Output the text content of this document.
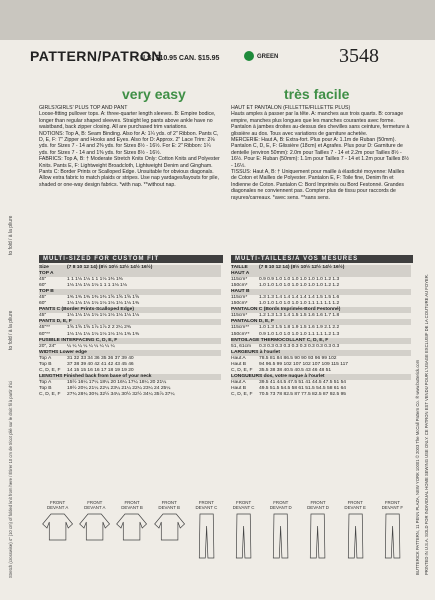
PATTERN/PATRON
U.S. $10.95 CAN. $15.95	GREEN	3548
very easy	très facile
GIRLS'/GIRLS' PLUS TOP AND PANT
Loose-fitting pullover tops. A: three-quarter length sleeves. B: Empire bodice, longer than regular shaped sleeves. Straight leg pants above ankle have no waistband, back zipper closing. All are purchased trim variations.
NOTIONS: Top A, B: Seam Binding. Also for A: 1¼ yds. of 2" Ribbon. Pants C, D, E, F: 7" Zipper and Hooks and Eyes. Also for D: Approx. 2" Lace Trim: 2⅛ yds. for Sizes 7 - 14 and 2⅜ yds. for Sizes 8½ - 16½. For E: 2" Ribbon: 1¼ yds. for Sizes 7 - 14 and 1⅜ yds. for Sizes 8½ - 16½.
FABRICS: Top A, B: † Moderate Stretch Knits Only: Cotton Knits and Polyester Knits. Pants E, F: Lightweight Broadcloth, Lightweight Denim and Gingham. Pants C: Border Prints or Scalloped Edge. Unsuitable for obvious diagonals. Allow extra fabric to match plaids or stripes. Use nap yardages/layouts for pile, shaded or one-way design fabrics. *with nap. **without nap.
HAUT ET PANTALON (FILLETTE/FILLETTE PLUS)
Hauts amples à passer par la tête. A: manches aux trois quarts. B: corsage empire, manches plus longues que les manches courantes avec forme. Pantalon à jambes droites au-dessus des chevilles sans ceinture, fermeture à glissière au dos. Tous avec variations de garniture achetée.
MERCERIE: Haut A, B: Extra-fort. Plus pour A: 1.1m de Ruban (50mm). Pantalon C, D, E, F: Glissière (18cm) et Agrafes. Plus pour D: Garniture de dentelle (environ 50mm): 2.0m pour Tailles 7 - 14 et 2.2m pour Tailles 8½ - 16½. Pour E: Ruban (50mm): 1.1m pour Tailles 7 - 14 et 1.2m pour Tailles 8½ - 16½.
TISSUS: Haut A, B: † Uniquement pour maille à élasticité moyenne: Mailles de Coton et Mailles de Polyester. Pantalon E, F: Toile fine, Denim fin et Indienne de Coton. Pantalon C: Bord Imprimés ou Bord Festonné. Grandes diagonales ne conviennent pas. Compter plus de tissu pour raccords de rayures/carreaux. *avec sens. **sans sens.
MULTI-SIZED FOR CUSTOM FIT	MULTI-TAILLES/À VOS MESURES
Size	(7 8 10 12 14) (8½ 10½ 12½ 14½ 16½)
TOP A
45"	1 1 1⅛ 1⅛ 1 1 1⅛ 1⅜ 1⅜
60"	1⅛ 1⅛ 1⅛ 1⅛ 1 1 1 1⅛ 1⅛
TOP B
45"	1⅜ 1⅜ 1⅜ 1⅜ 1⅜ 1⅝ 1⅝ 1⅝ 1⅝
60"	1⅛ 1⅛ 1⅛ 1⅛ 1⅛ 1⅛ 1⅛ 1⅛ 1⅜
PANTS C (Border Prints-Scalloped Edge)
45"	1⅛ 1⅛ 1⅛ 1⅛ 1⅛ 1⅛ 1⅛ 1⅛ 1⅛
PANTS D, E, F
45"**	1⅝ 1⅝ 1⅝ 1⅞ 1⅞ 2 2 2¼ 2⅜
60"**	1⅛ 1⅛ 1⅛ 1⅛ 1⅛ 1⅛ 1⅛ 1⅜ 1⅜
FUSIBLE INTERFACING C, D, E, F
20", 24"	¼ ¼ ¼ ¼ ¼ ¼ ¼ ¼ ¼
WIDTHS Lower edge
Top A	31 32 33 34 36 35 36 37 39 40
Top B	37 38 39 40 42 41 42 43 45 46
C, D, E, F	14 15 15 16 16 17 18 19 19 20
LENGTHS Finished back from base of your neck
Top A	15½ 16¼ 17¼ 18¼ 20 16¼ 17¼ 18¼ 20 21¼
Top B	19½ 20¼ 21¼ 22¼ 23¼ 21¼ 22¼ 23¼ 24 25¼
C, D, E, F	27¾ 28¾ 30¾ 32½ 34¼ 30½ 32½ 34¼ 35⅞ 37¼
TAILLE	(7 8 10 12 14) (8½ 10½ 12½ 14½ 16½)
HAUT A
115cm*	0.9 0.9 1.0 1.0 1.0 1.0 1.0 1.0 1.2 1.3
150cm*	1.0 1.0 1.0 1.0 1.0 1.0 1.0 1.0 1.2 1.2
HAUT B
115cm*	1.3 1.3 1.4 1.4 1.4 1.4 1.4 1.5 1.5 1.6
150cm*	1.0 1.0 1.0 1.0 1.0 1.0 1.1 1.1 1.1 1.2
PANTALON C (Bords Imprimés-Bord Festonné)
115cm*	1.2 1.3 1.3 1.4 1.5 1.5 1.6 1.6 1.7 1.8
PANTALON D, E, F
115cm**	1.0 1.3 1.5 1.8 1.9 1.5 1.6 1.9 2.1 2.2
150cm**	0.9 1.0 1.0 1.0 1.0 1.0 1.1 1.1 1.2 1.3
ENTOILAGE THERMOCOLLANT C, D, E, F
51, 61cm	0.3 0.3 0.3 0.3 0.3 0.3 0.3 0.3 0.3 0.3
LARGEURS à l'ourlet
Haut A	78.5 81 84 86.5 90 90 93 96 99 102
Haut B	94 96.5 99 102 107 102 107 109 115 117
C, D, E, F	35.5 38 38 40.5 40.5 43 46 48 51
LONGUEURS dos, votre nuque à l'ourlet
Haut A	39.5 41 44.5 47.5 51 41 44.5 47.5 51 54
Haut B	49.5 51.5 54.5 58 61 51.5 54.5 58 61 64
C, D, E, F	70.5 73 78 82.5 87 77.5 82.5 87 92.5 95
FRONT DEVANT A
FRONT DEVANT A
FRONT DEVANT B
FRONT DEVANT B
FRONT DEVANT C
FRONT DEVANT C
FRONT DEVANT D
FRONT DEVANT D
FRONT DEVANT E
FRONT DEVANT F
to fold / à la pliure
to fold / à la pliure
Stretch (crosswise) 4" (10 cm) of folded knit from here / Étirer 10 cm de tricot plié sur le droit fil à partir d'ici	BUTTERICK PATTERN, 11 PENN PLAZA, NEW YORK 10001 © 2003 The McCall Pattern Co. ® www.butterick.com PRINTED IN U.S.A. SOLD FOR INDIVIDUAL HOME SEWING USE ONLY. CE PATRON EST VENDU POUR L'USAGE EXCLUSIF DE LA COUTURE AU FOYER.
